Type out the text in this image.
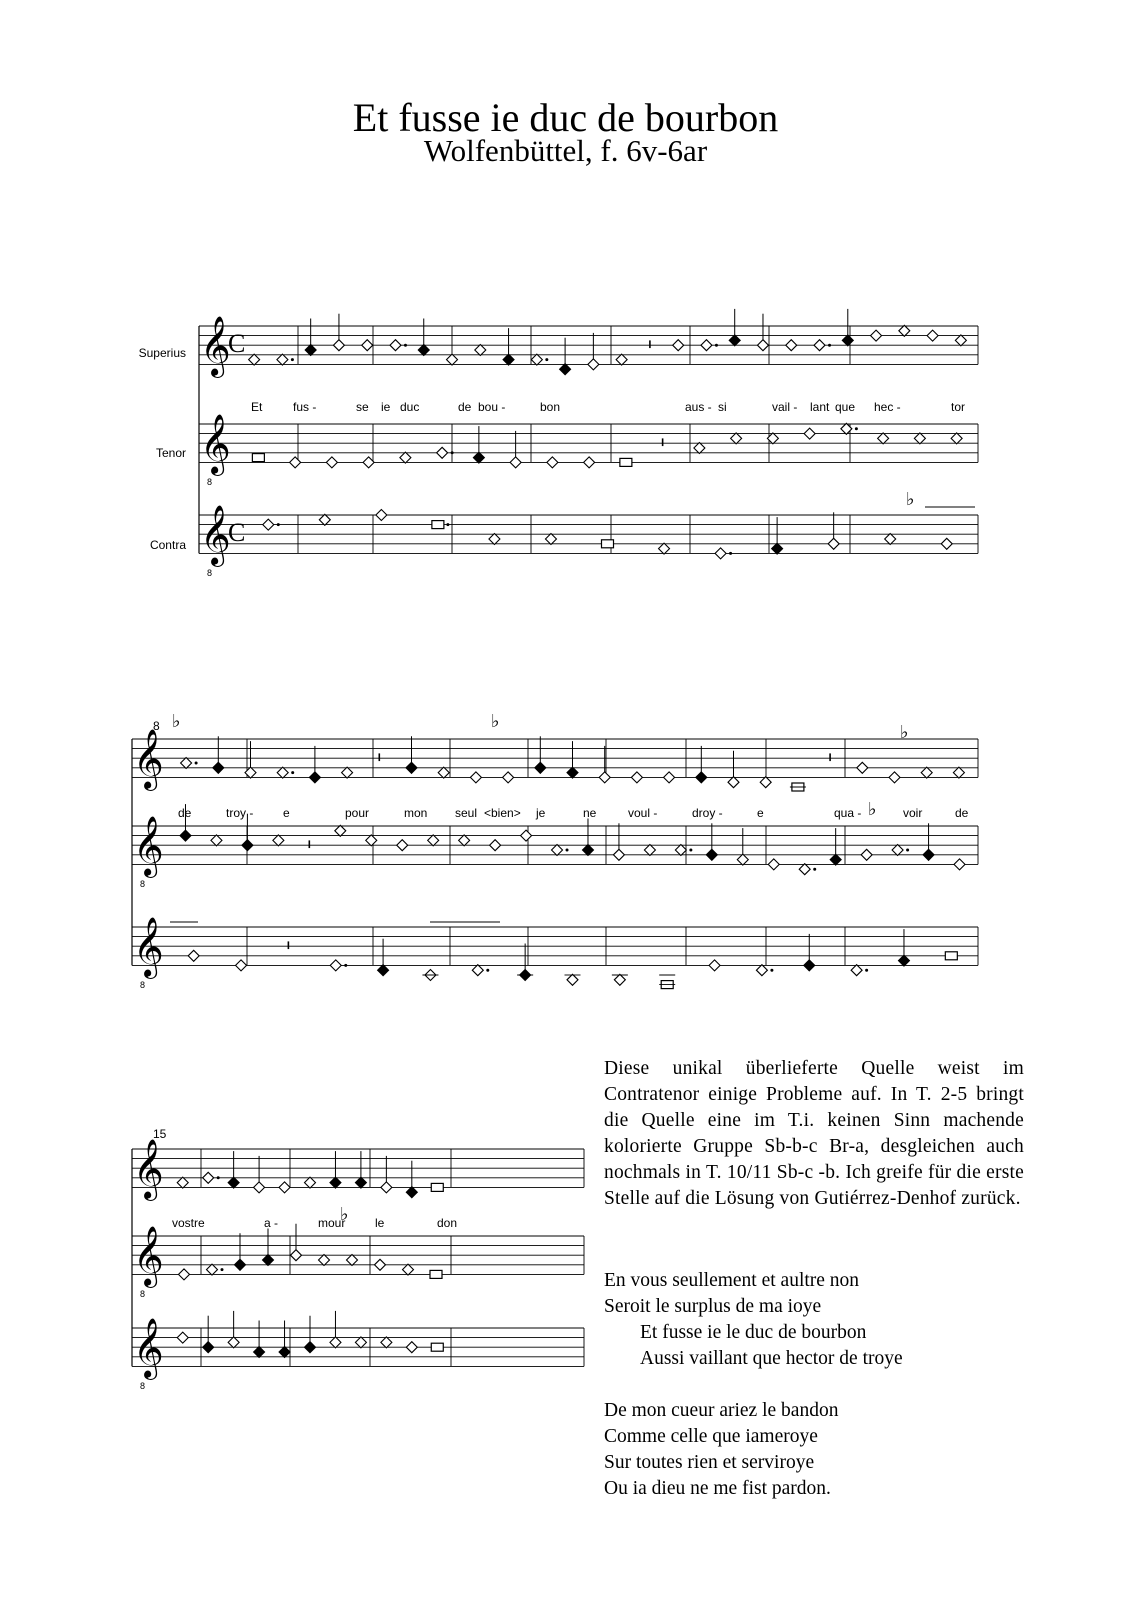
Et fusse ie duc de bourbon
Wolfenbüttel, f. 6v-6ar
Superius
Tenor
Contra
8
15
Et	fus -	se ie duc	de bou -	bon	aus - si	vail - lant que hec -	tor
de	troy - e	pour	mon seul <bien> je	ne	voul -	droy -	e	qua -	voir	de
vostre	a -	mour le	don
𝄞
𝄞
8
𝄞
8
C
C
♭
𝄞
𝄞
8
𝄞
8
♭	♭
♭
♭
𝄞
𝄞
8
𝄞
8
♭
Diese unikal überlieferte Quelle weist im Contratenor einige Probleme auf. In T. 2-5 bringt die Quelle eine im T.i. keinen Sinn machende kolorierte Gruppe Sb-b-c Br-a, desgleichen auch nochmals in T. 10/11 Sb-c -b. Ich greife für die erste Stelle auf die Lösung von Gutiérrez-Denhof zurück.
En vous seullement et aultre non
Seroit le surplus de ma ioye
Et fusse ie le duc de bourbon
Aussi vaillant que hector de troye
De mon cueur ariez le bandon
Comme celle que iameroye
Sur toutes rien et serviroye
Ou ia dieu ne me fist pardon.
